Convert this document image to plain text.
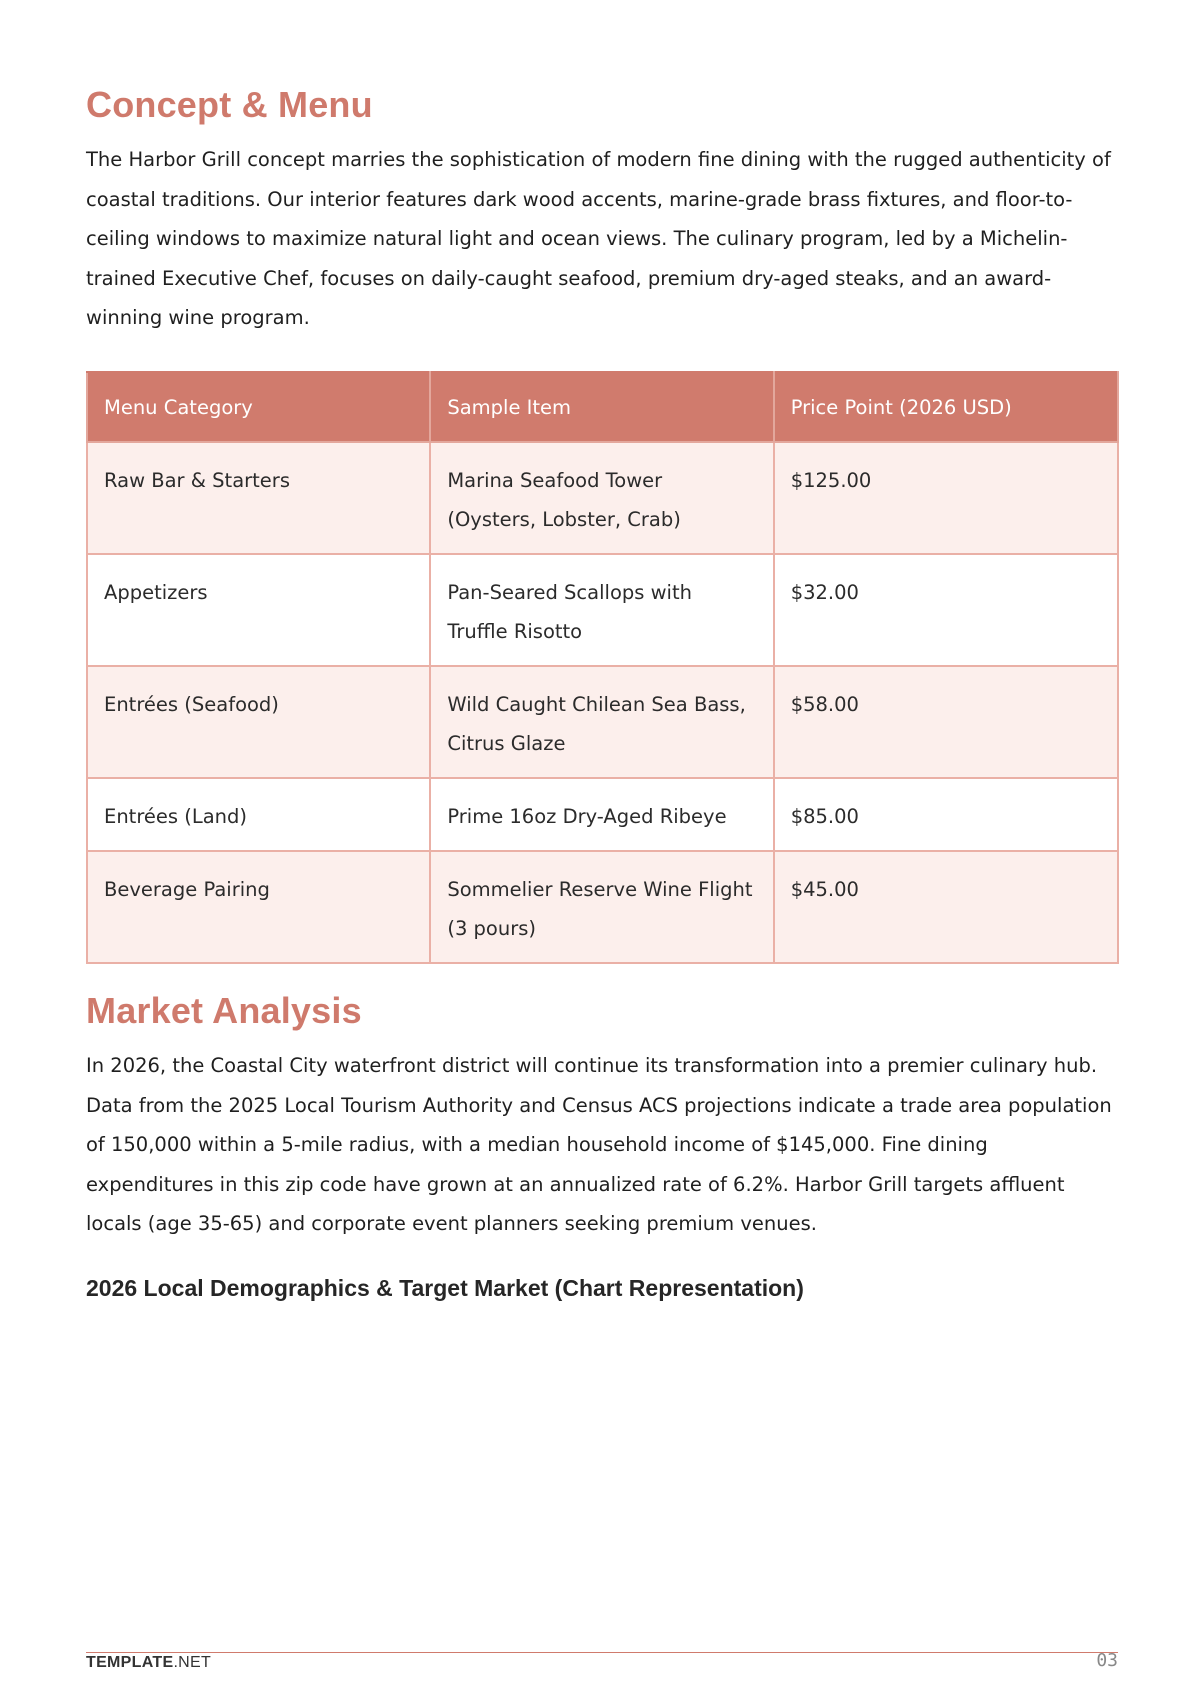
Concept & Menu

The Harbor Grill concept marries the sophistication of modern fine dining with the rugged authenticity of coastal traditions. Our interior features dark wood accents, marine-grade brass fixtures, and floor-to-ceiling windows to maximize natural light and ocean views. The culinary program, led by a Michelin-trained Executive Chef, focuses on daily-caught seafood, premium dry-aged steaks, and an award-winning wine program.

Menu Category	Sample Item	Price Point (2026 USD)
Raw Bar & Starters	Marina Seafood Tower (Oysters, Lobster, Crab)	$125.00
Appetizers	Pan-Seared Scallops with Truffle Risotto	$32.00
Entrées (Seafood)	Wild Caught Chilean Sea Bass, Citrus Glaze	$58.00
Entrées (Land)	Prime 16oz Dry-Aged Ribeye	$85.00
Beverage Pairing	Sommelier Reserve Wine Flight (3 pours)	$45.00
Market Analysis

In 2026, the Coastal City waterfront district will continue its transformation into a premier culinary hub. Data from the 2025 Local Tourism Authority and Census ACS projections indicate a trade area population of 150,000 within a 5-mile radius, with a median household income of $145,000. Fine dining expenditures in this zip code have grown at an annualized rate of 6.2%. Harbor Grill targets affluent locals (age 35-65) and corporate event planners seeking premium venues.

2026 Local Demographics & Target Market (Chart Representation)
TEMPLATE.NET	03
